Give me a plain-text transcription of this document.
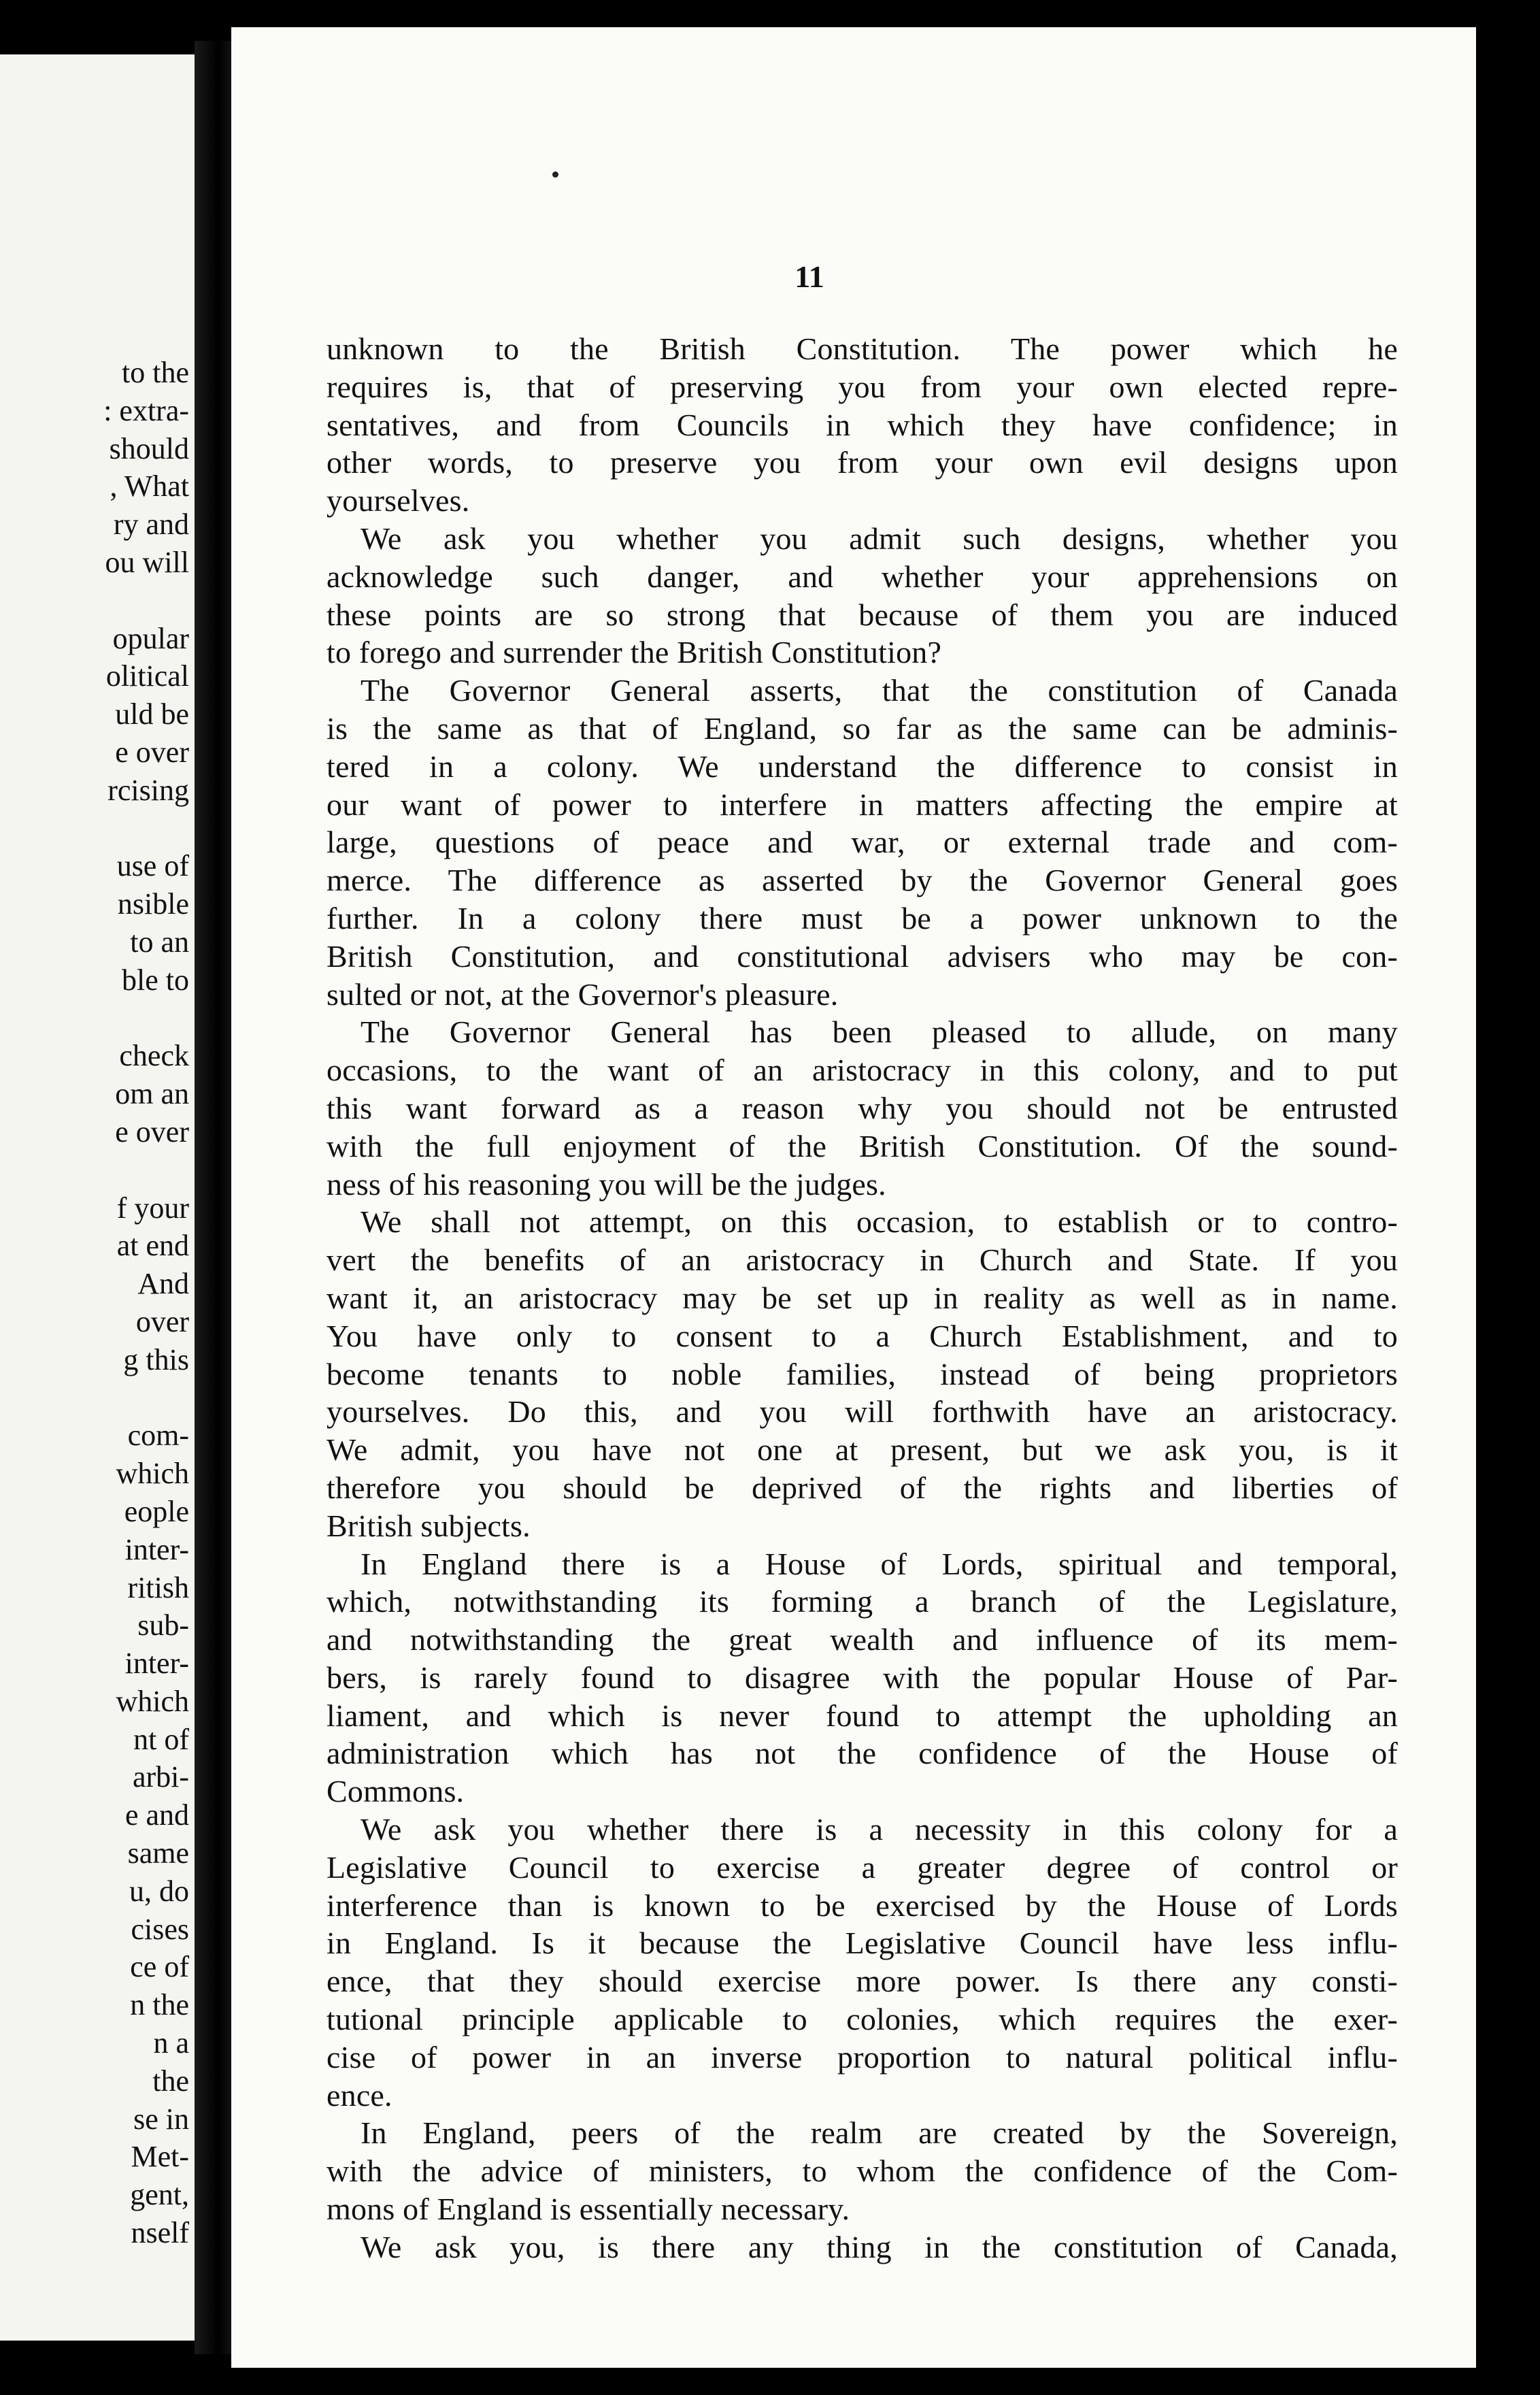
to the
: extra-
should
, What
ry and
ou will
opular
olitical
uld be
e over
rcising
use of
nsible
to an
ble to
check
om an
e over
f your
at end
And
over
g this
com-
which
eople
inter-
ritish
sub-
inter-
which
nt of
arbi-
e and
same
u, do
cises
ce of
n the
n a
the
se in
Met-
gent,
nself

11

unknown to the British Constitution. The power which he
requires is, that of preserving you from your own elected repre-
sentatives, and from Councils in which they have confidence; in
other words, to preserve you from your own evil designs upon
yourselves.
We ask you whether you admit such designs, whether you
acknowledge such danger, and whether your apprehensions on
these points are so strong that because of them you are induced
to forego and surrender the British Constitution?
The Governor General asserts, that the constitution of Canada
is the same as that of England, so far as the same can be adminis-
tered in a colony. We understand the difference to consist in
our want of power to interfere in matters affecting the empire at
large, questions of peace and war, or external trade and com-
merce. The difference as asserted by the Governor General goes
further. In a colony there must be a power unknown to the
British Constitution, and constitutional advisers who may be con-
sulted or not, at the Governor's pleasure.
The Governor General has been pleased to allude, on many
occasions, to the want of an aristocracy in this colony, and to put
this want forward as a reason why you should not be entrusted
with the full enjoyment of the British Constitution. Of the sound-
ness of his reasoning you will be the judges.
We shall not attempt, on this occasion, to establish or to contro-
vert the benefits of an aristocracy in Church and State. If you
want it, an aristocracy may be set up in reality as well as in name.
You have only to consent to a Church Establishment, and to
become tenants to noble families, instead of being proprietors
yourselves. Do this, and you will forthwith have an aristocracy.
We admit, you have not one at present, but we ask you, is it
therefore you should be deprived of the rights and liberties of
British subjects.
In England there is a House of Lords, spiritual and temporal,
which, notwithstanding its forming a branch of the Legislature,
and notwithstanding the great wealth and influence of its mem-
bers, is rarely found to disagree with the popular House of Par-
liament, and which is never found to attempt the upholding an
administration which has not the confidence of the House of
Commons.
We ask you whether there is a necessity in this colony for a
Legislative Council to exercise a greater degree of control or
interference than is known to be exercised by the House of Lords
in England. Is it because the Legislative Council have less influ-
ence, that they should exercise more power. Is there any consti-
tutional principle applicable to colonies, which requires the exer-
cise of power in an inverse proportion to natural political influ-
ence.
In England, peers of the realm are created by the Sovereign,
with the advice of ministers, to whom the confidence of the Com-
mons of England is essentially necessary.
We ask you, is there any thing in the constitution of Canada,
